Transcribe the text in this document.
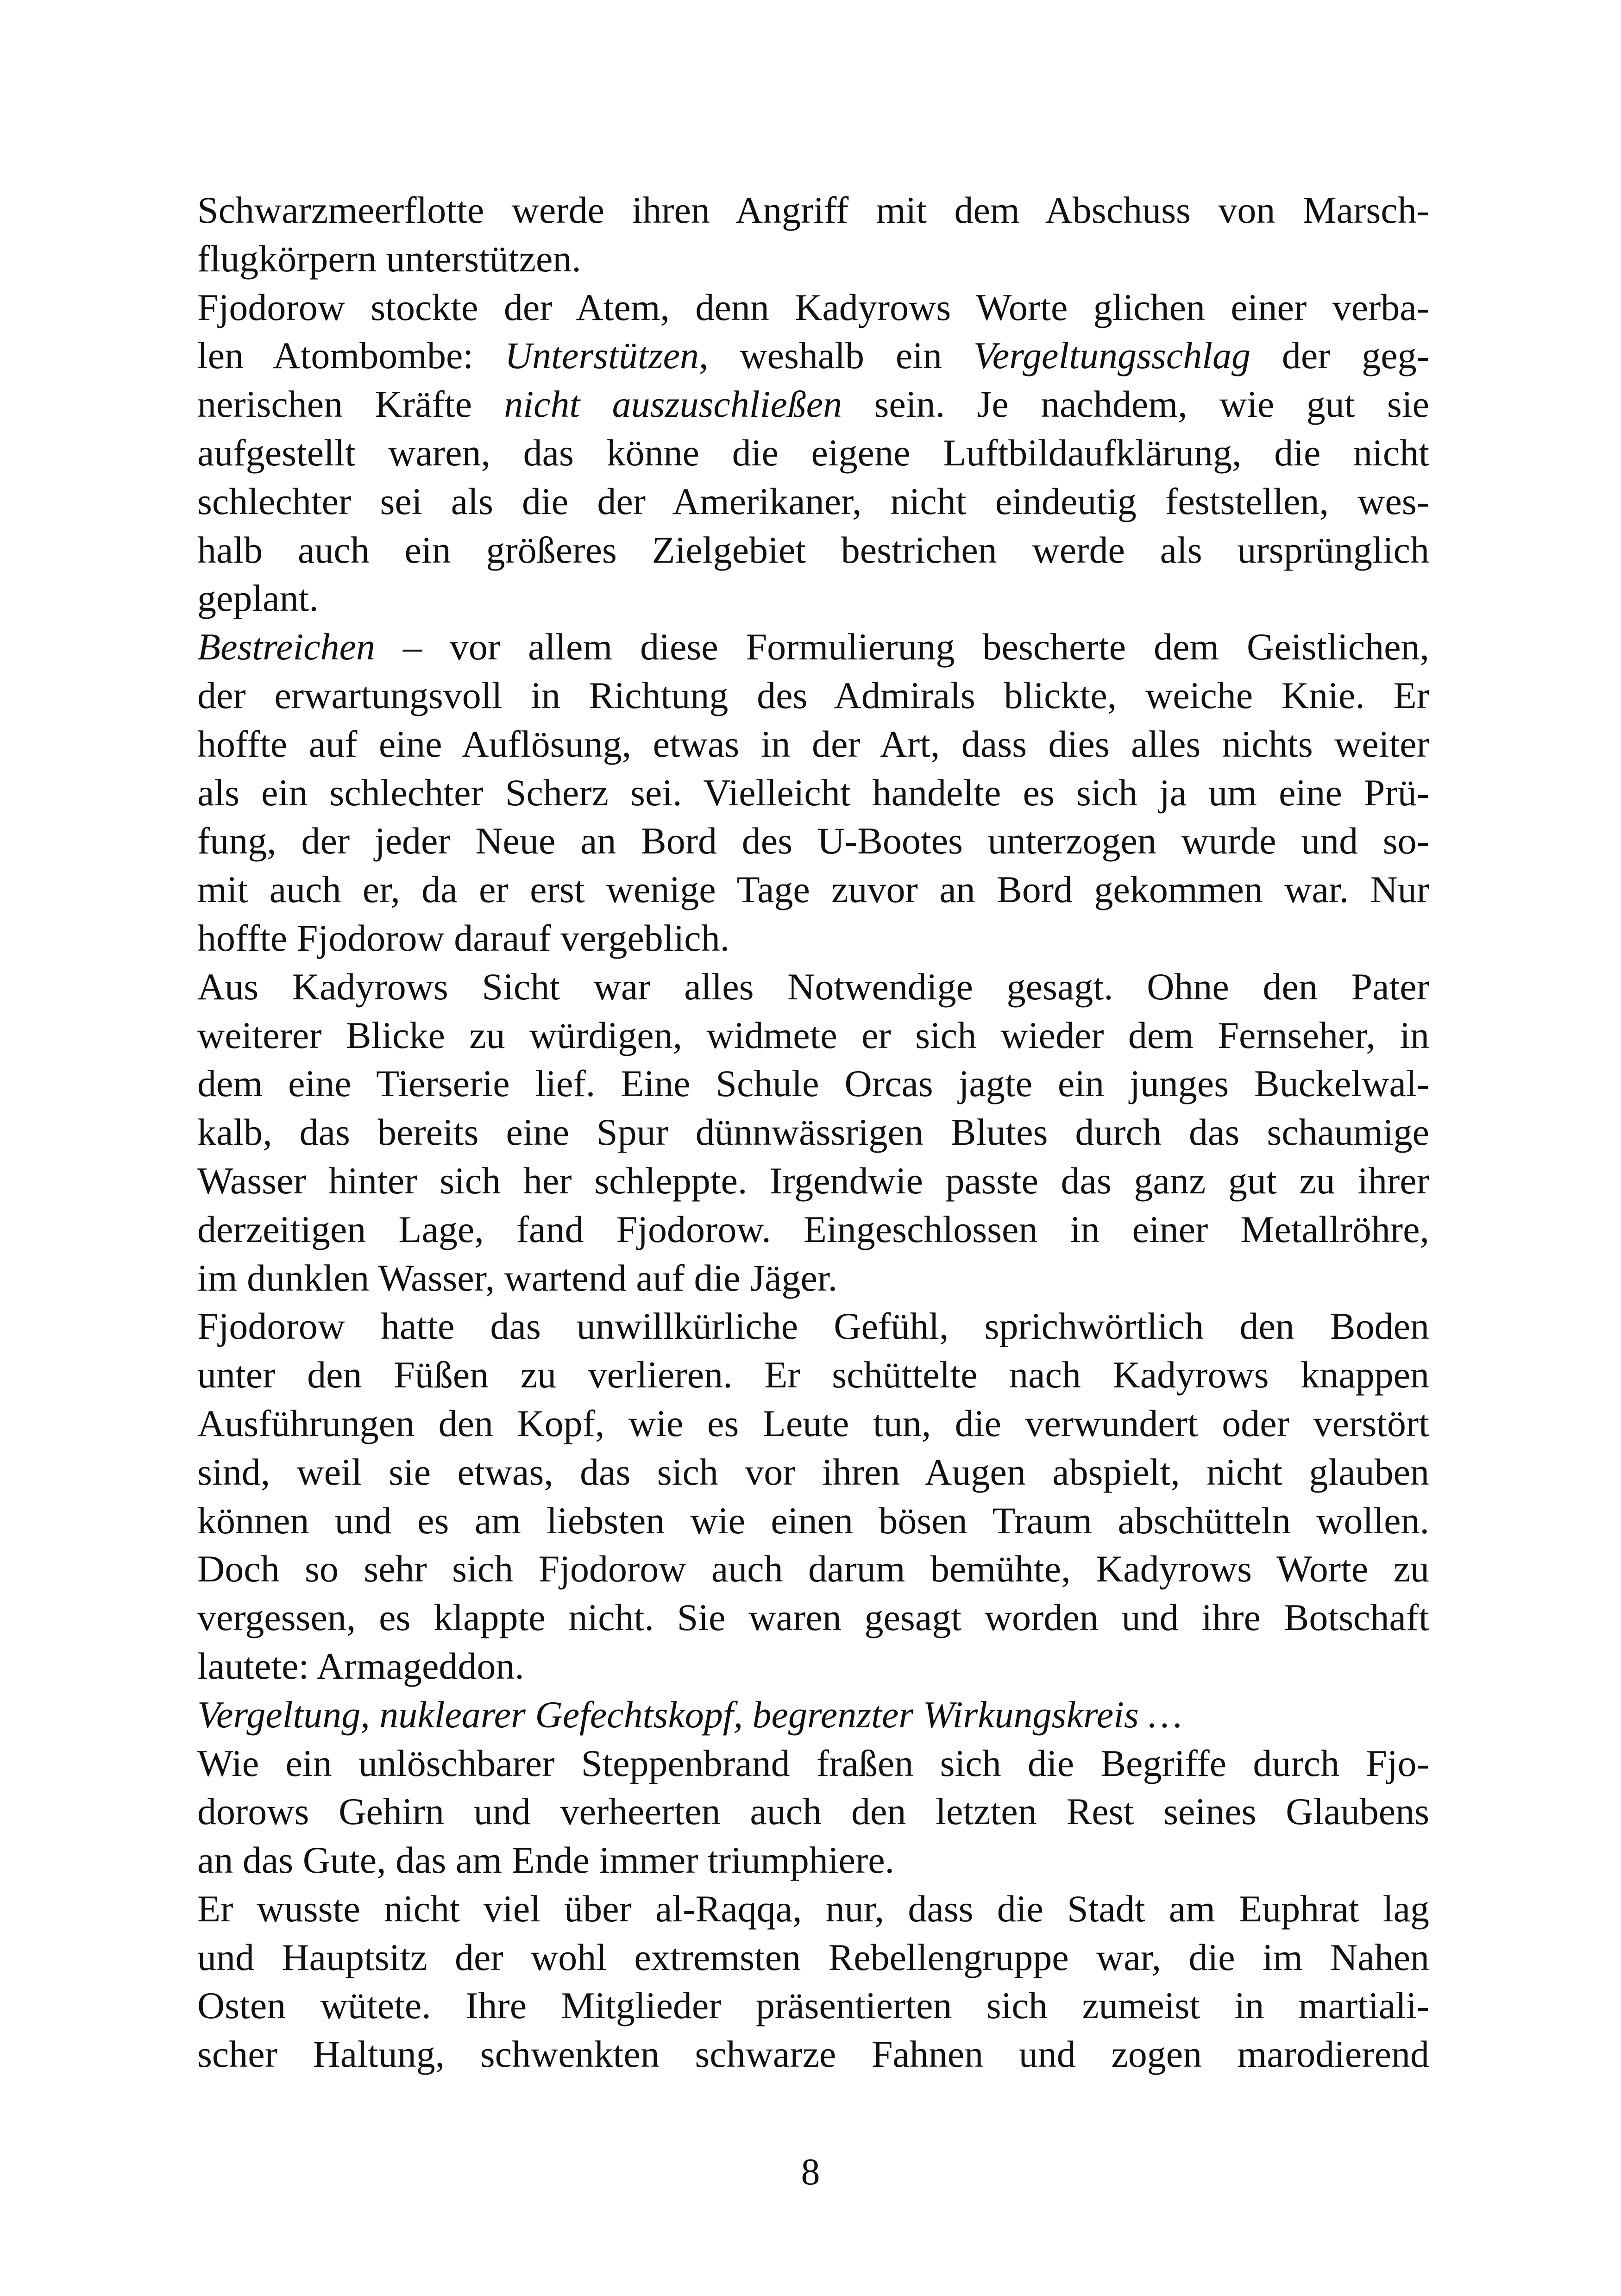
Schwarzmeerflotte werde ihren Angriff mit dem Abschuss von Marsch-
flugkörpern unterstützen.
Fjodorow stockte der Atem, denn Kadyrows Worte glichen einer verba-
len Atombombe: Unterstützen, weshalb ein Vergeltungsschlag der geg-
nerischen Kräfte nicht auszuschließen sein. Je nachdem, wie gut sie
aufgestellt waren, das könne die eigene Luftbildaufklärung, die nicht
schlechter sei als die der Amerikaner, nicht eindeutig feststellen, wes-
halb auch ein größeres Zielgebiet bestrichen werde als ursprünglich
geplant.
Bestreichen – vor allem diese Formulierung bescherte dem Geistlichen,
der erwartungsvoll in Richtung des Admirals blickte, weiche Knie. Er
hoffte auf eine Auflösung, etwas in der Art, dass dies alles nichts weiter
als ein schlechter Scherz sei. Vielleicht handelte es sich ja um eine Prü-
fung, der jeder Neue an Bord des U-Bootes unterzogen wurde und so-
mit auch er, da er erst wenige Tage zuvor an Bord gekommen war. Nur
hoffte Fjodorow darauf vergeblich.
Aus Kadyrows Sicht war alles Notwendige gesagt. Ohne den Pater
weiterer Blicke zu würdigen, widmete er sich wieder dem Fernseher, in
dem eine Tierserie lief. Eine Schule Orcas jagte ein junges Buckelwal-
kalb, das bereits eine Spur dünnwässrigen Blutes durch das schaumige
Wasser hinter sich her schleppte. Irgendwie passte das ganz gut zu ihrer
derzeitigen Lage, fand Fjodorow. Eingeschlossen in einer Metallröhre,
im dunklen Wasser, wartend auf die Jäger.
Fjodorow hatte das unwillkürliche Gefühl, sprichwörtlich den Boden
unter den Füßen zu verlieren. Er schüttelte nach Kadyrows knappen
Ausführungen den Kopf, wie es Leute tun, die verwundert oder verstört
sind, weil sie etwas, das sich vor ihren Augen abspielt, nicht glauben
können und es am liebsten wie einen bösen Traum abschütteln wollen.
Doch so sehr sich Fjodorow auch darum bemühte, Kadyrows Worte zu
vergessen, es klappte nicht. Sie waren gesagt worden und ihre Botschaft
lautete: Armageddon.
Vergeltung, nuklearer Gefechtskopf, begrenzter Wirkungskreis …
Wie ein unlöschbarer Steppenbrand fraßen sich die Begriffe durch Fjo-
dorows Gehirn und verheerten auch den letzten Rest seines Glaubens
an das Gute, das am Ende immer triumphiere.
Er wusste nicht viel über al-Raqqa, nur, dass die Stadt am Euphrat lag
und Hauptsitz der wohl extremsten Rebellengruppe war, die im Nahen
Osten wütete. Ihre Mitglieder präsentierten sich zumeist in martiali-
scher Haltung, schwenkten schwarze Fahnen und zogen marodierend
8
